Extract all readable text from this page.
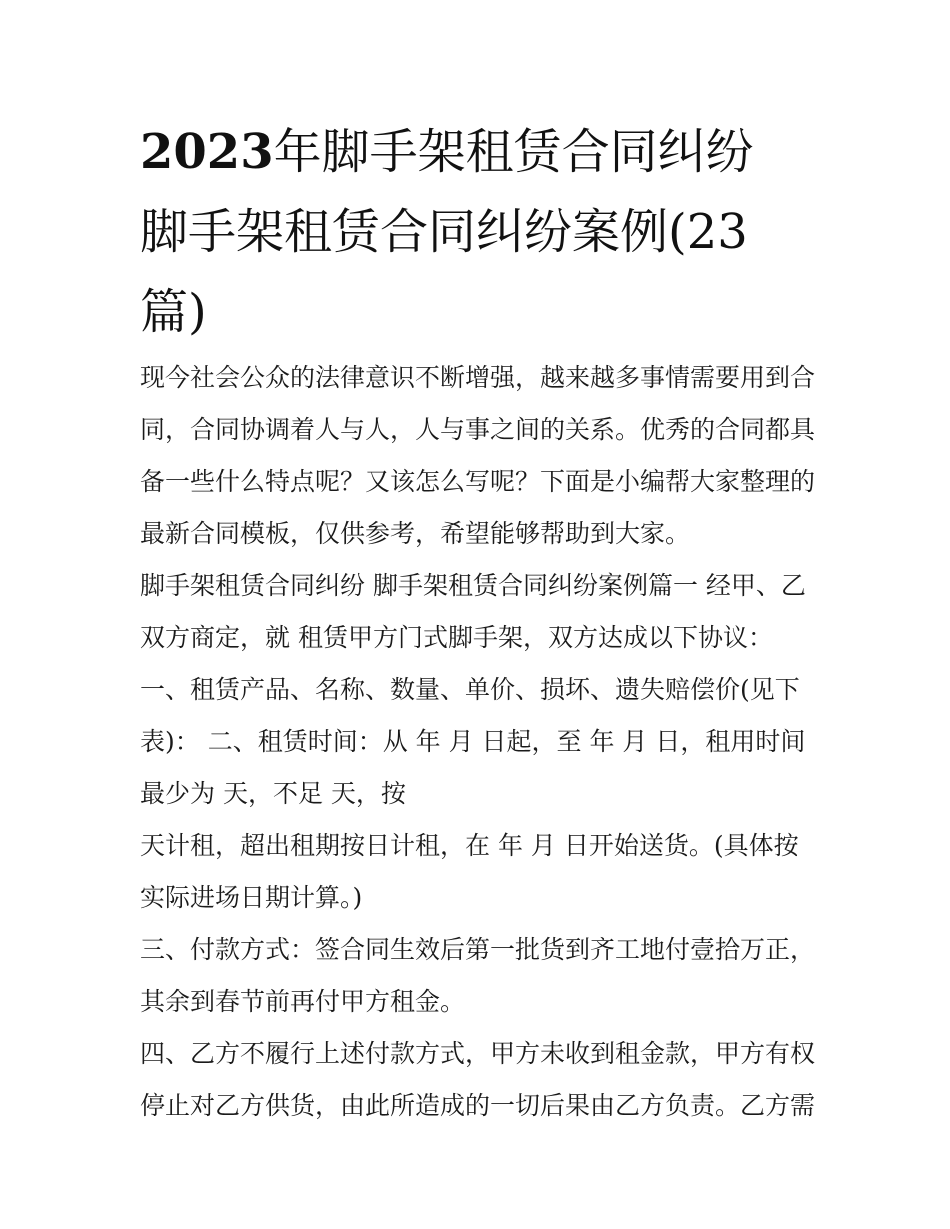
2023年脚手架租赁合同纠纷
脚手架租赁合同纠纷案例(23
篇)
现今社会公众的法律意识不断增强，越来越多事情需要用到合
同，合同协调着人与人，人与事之间的关系。优秀的合同都具
备一些什么特点呢？又该怎么写呢？下面是小编帮大家整理的
最新合同模板，仅供参考，希望能够帮助到大家。
脚手架租赁合同纠纷 脚手架租赁合同纠纷案例篇一 经甲、乙
双方商定，就 租赁甲方门式脚手架，双方达成以下协议：
一、租赁产品、名称、数量、单价、损坏、遗失赔偿价(见下
表)： 二、租赁时间：从 年 月 日起，至 年 月 日，租用时间
最少为 天，不足 天，按
天计租，超出租期按日计租，在 年 月 日开始送货。(具体按
实际进场日期计算。)
三、付款方式：签合同生效后第一批货到齐工地付壹拾万正，
其余到春节前再付甲方租金。
四、乙方不履行上述付款方式，甲方未收到租金款，甲方有权
停止对乙方供货，由此所造成的一切后果由乙方负责。乙方需
